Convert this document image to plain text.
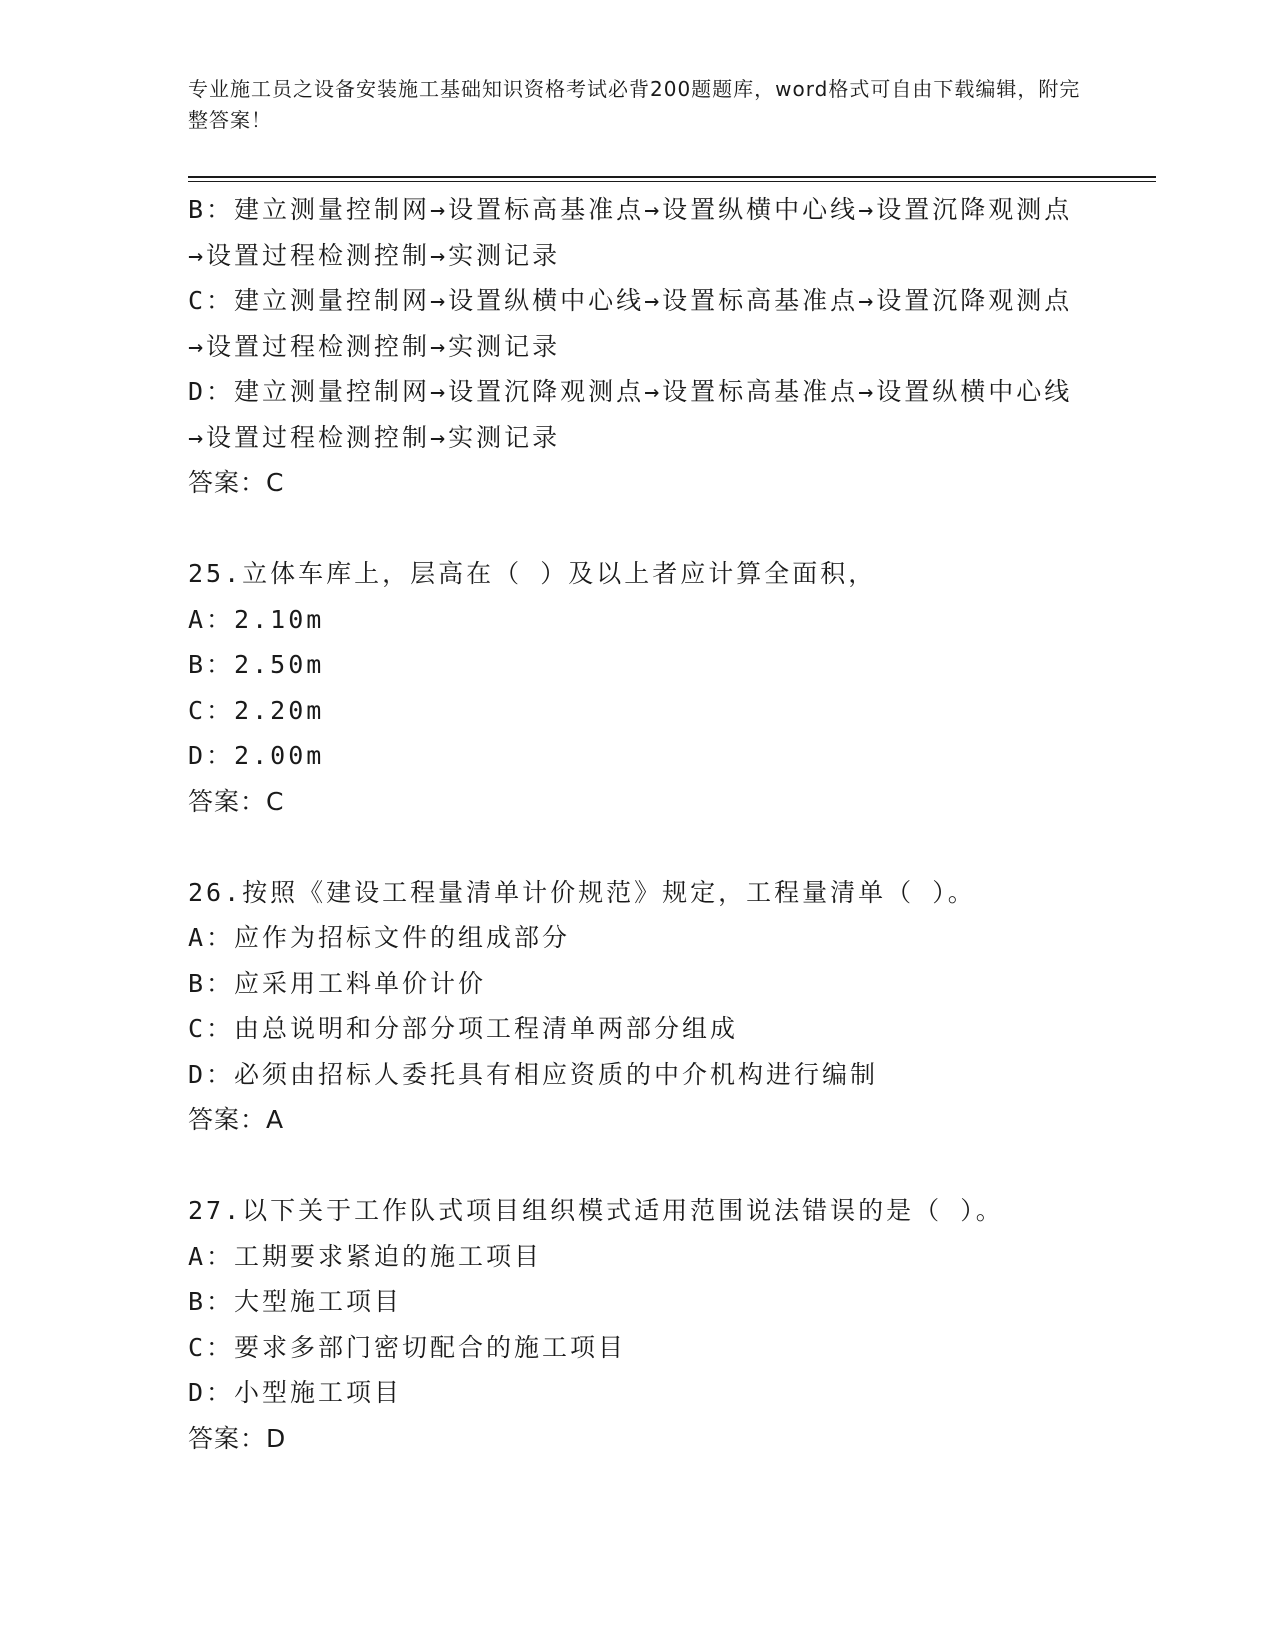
专业施工员之设备安装施工基础知识资格考试必背200题题库，word格式可自由下载编辑，附完整答案！
B：建立测量控制网→设置标高基准点→设置纵横中心线→设置沉降观测点→设置过程检测控制→实测记录
C：建立测量控制网→设置纵横中心线→设置标高基准点→设置沉降观测点→设置过程检测控制→实测记录
D：建立测量控制网→设置沉降观测点→设置标高基准点→设置纵横中心线→设置过程检测控制→实测记录
答案：C
25.立体车库上，层高在（ ）及以上者应计算全面积，
A：2.10m
B：2.50m
C：2.20m
D：2.00m
答案：C
26.按照《建设工程量清单计价规范》规定，工程量清单（ ）。
A：应作为招标文件的组成部分
B：应采用工料单价计价
C：由总说明和分部分项工程清单两部分组成
D：必须由招标人委托具有相应资质的中介机构进行编制
答案：A
27.以下关于工作队式项目组织模式适用范围说法错误的是（ ）。
A：工期要求紧迫的施工项目
B：大型施工项目
C：要求多部门密切配合的施工项目
D：小型施工项目
答案：D
